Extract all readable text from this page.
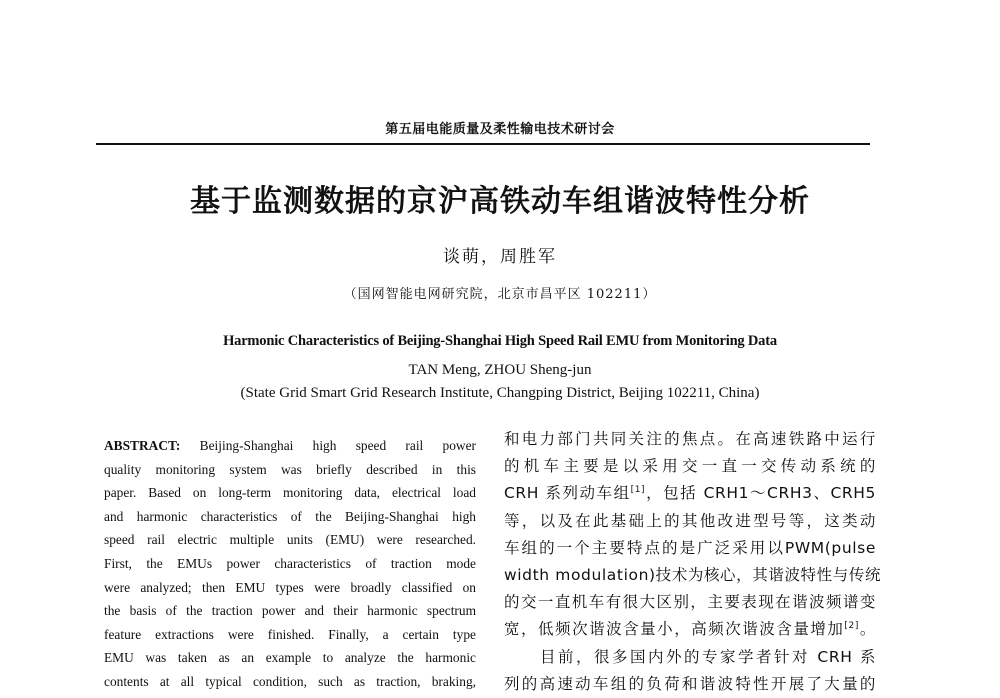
第五届电能质量及柔性输电技术研讨会
基于监测数据的京沪高铁动车组谐波特性分析
谈萌，周胜军
（国网智能电网研究院，北京市昌平区 102211）
Harmonic Characteristics of Beijing-Shanghai High Speed Rail EMU from Monitoring Data
TAN Meng, ZHOU Sheng-jun
(State Grid Smart Grid Research Institute, Changping District, Beijing 102211, China)
ABSTRACT: Beijing-Shanghai high speed rail power
quality monitoring system was briefly described in this
paper. Based on long-term monitoring data, electrical load
and harmonic characteristics of the Beijing-Shanghai high
speed rail electric multiple units (EMU) were researched.
First, the EMUs power characteristics of traction mode
were analyzed; then EMU types were broadly classified on
the basis of the traction power and their harmonic spectrum
feature extractions were finished. Finally, a certain type
EMU was taken as an example to analyze the harmonic
contents at all typical condition, such as traction, braking,
和电力部门共同关注的焦点。在高速铁路中运行
的机车主要是以采用交一直一交传动系统的
CRH 系列动车组[1]，包括 CRH1～CRH3、CRH5
等，以及在此基础上的其他改进型号等，这类动
车组的一个主要特点的是广泛采用以PWM(pulse
width modulation)技术为核心，其谐波特性与传统
的交一直机车有很大区别，主要表现在谐波频谱变
宽，低频次谐波含量小，高频次谐波含量增加[2]。
目前，很多国内外的专家学者针对 CRH 系
列的高速动车组的负荷和谐波特性开展了大量的
